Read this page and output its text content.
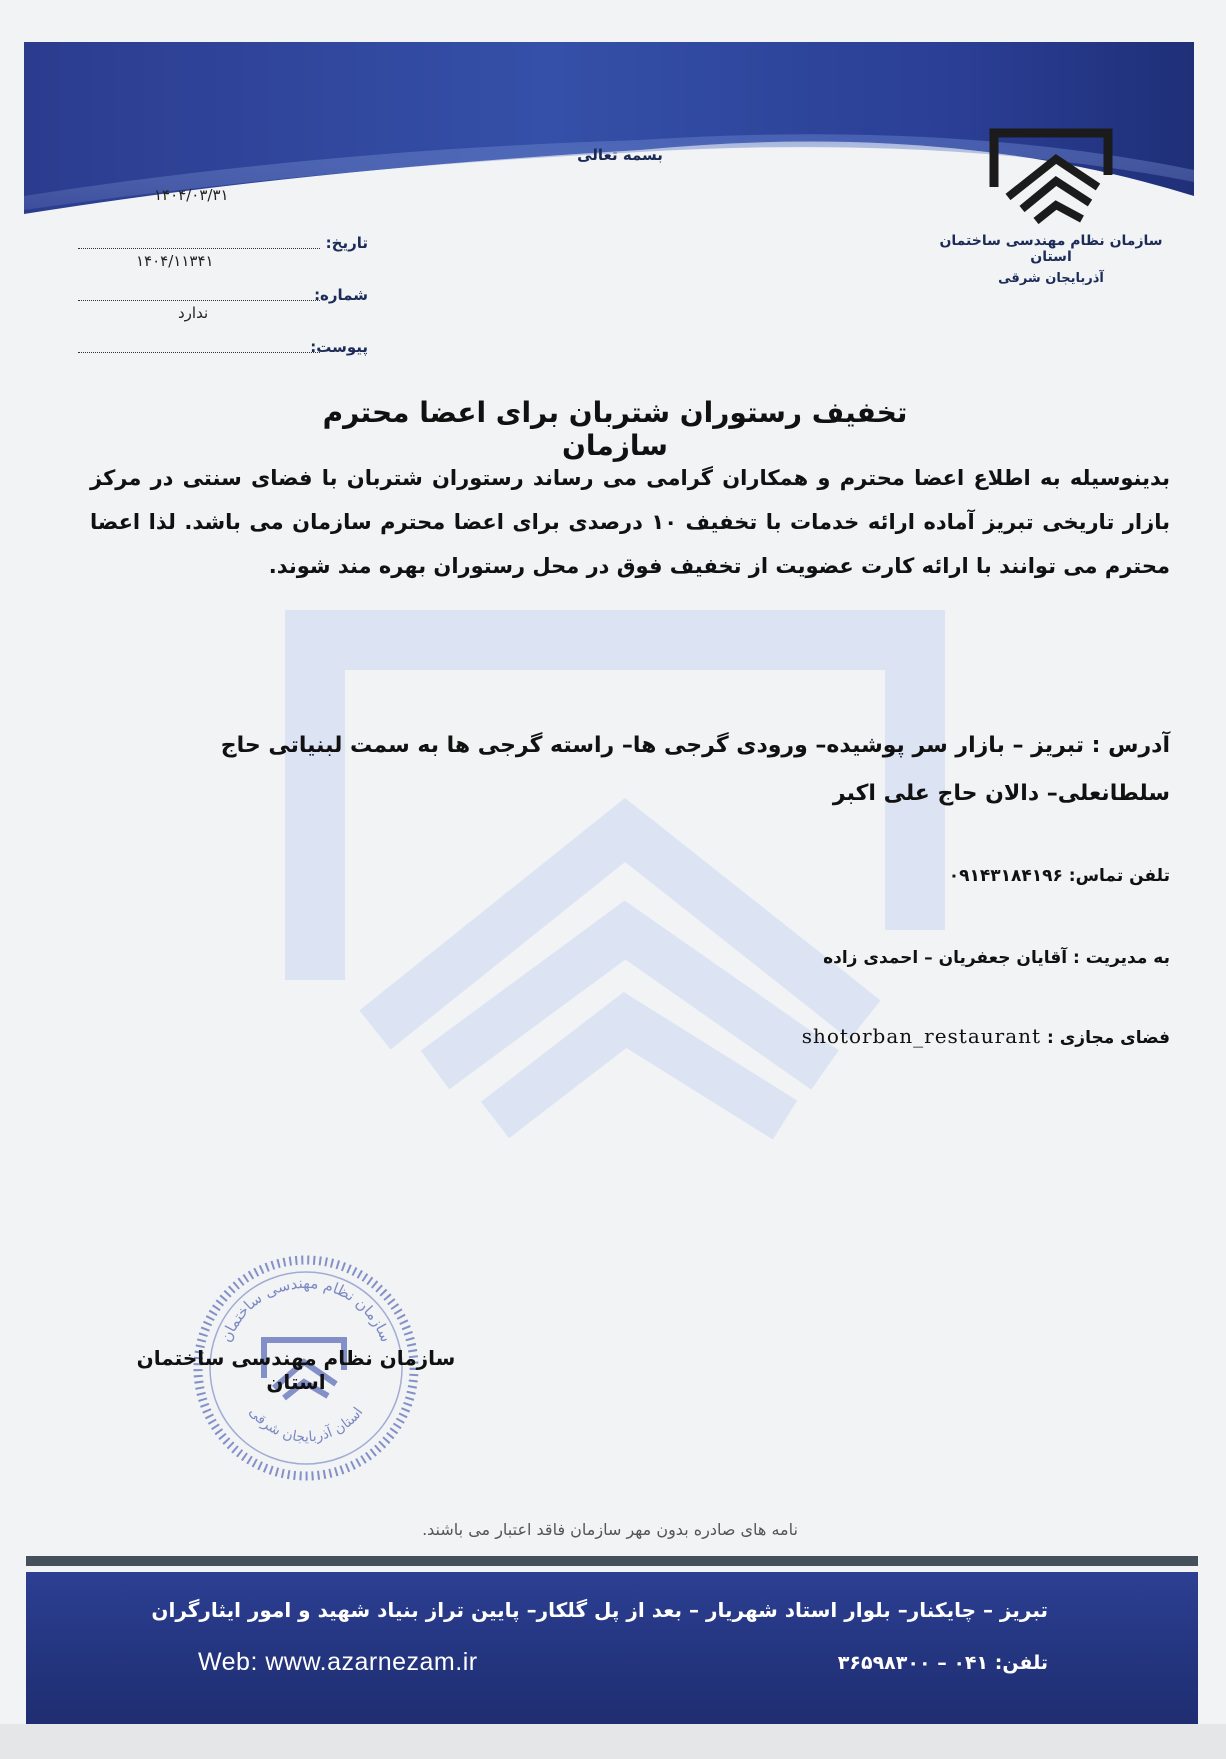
بسمه تعالی
سازمان نظام مهندسی ساختمان استان
آذربایجان شرقی
۱۴۰۴/۰۳/۳۱
تاریخ:
۱۴۰۴/۱۱۳۴۱
شماره:
ندارد
پیوست:
تخفیف رستوران شتربان برای اعضا محترم سازمان
بدینوسیله به اطلاع اعضا محترم و همکاران گرامی می رساند رستوران شتربان با فضای سنتی در مرکز بازار تاریخی تبریز آماده ارائه خدمات با تخفیف ۱۰ درصدی برای اعضا محترم سازمان می باشد. لذا اعضا محترم می توانند با ارائه کارت عضویت از تخفیف فوق در محل رستوران بهره مند شوند.
آدرس : تبریز – بازار سر پوشیده– ورودی گرجی ها– راسته گرجی ها به سمت لبنیاتی حاج سلطانعلی– دالان حاج علی اکبر
تلفن تماس: ۰۹۱۴۳۱۸۴۱۹۶
به مدیریت : آقایان جعفریان – احمدی زاده
فضای مجازی : shotorban_restaurant
سازمان نظام مهندسی ساختمان
استان آذربایجان شرقی
سازمان نظام مهندسی ساختمان استان
نامه های صادره بدون مهر سازمان فاقد اعتبار می باشند.
تبریز – چایکنار– بلوار استاد شهریار – بعد از پل گلکار– پایین تراز بنیاد شهید و امور ایثارگران
Web: www.azarnezam.ir	تلفن: ۰۴۱ – ۳۶۵۹۸۳۰۰
